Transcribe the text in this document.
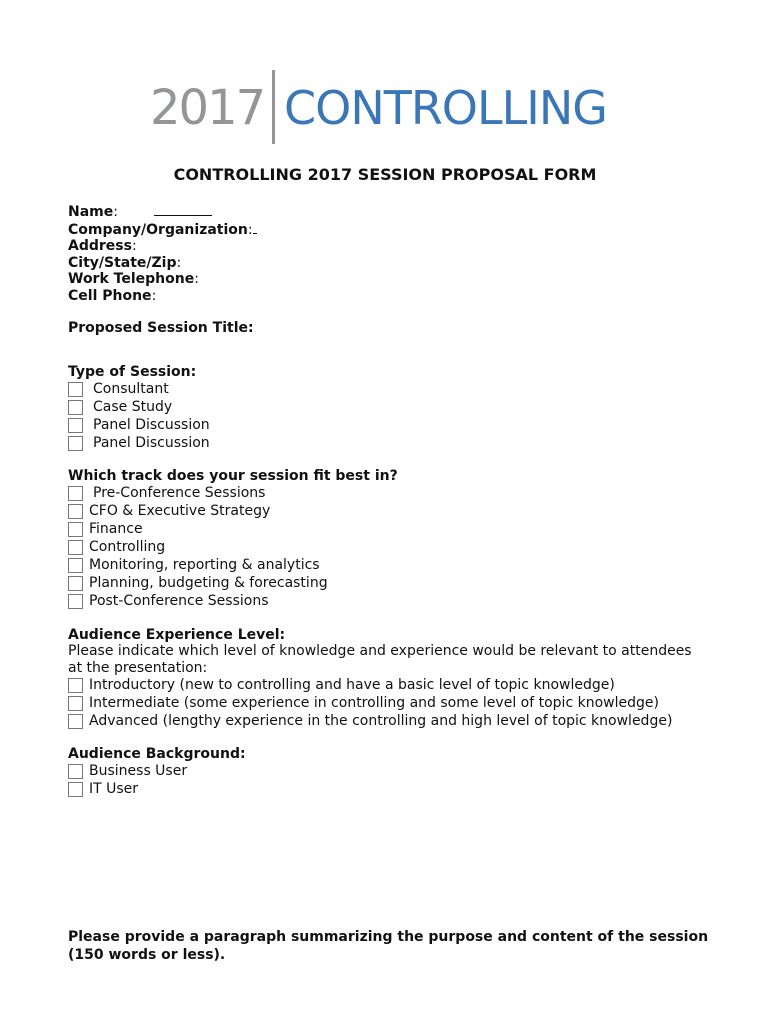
2017 CONTROLLING
CONTROLLING 2017 SESSION PROPOSAL FORM
Name:
Company/Organization:
Address:
City/State/Zip:
Work Telephone:
Cell Phone:
Proposed Session Title:
Type of Session:
Consultant
Case Study
Panel Discussion
Panel Discussion
Which track does your session fit best in?
Pre-Conference Sessions
CFO & Executive Strategy
Finance
Controlling
Monitoring, reporting & analytics
Planning, budgeting & forecasting
Post-Conference Sessions
Audience Experience Level:
Please indicate which level of knowledge and experience would be relevant to attendees at the presentation:
Introductory (new to controlling and have a basic level of topic knowledge)
Intermediate (some experience in controlling and some level of topic knowledge)
Advanced (lengthy experience in the controlling and high level of topic knowledge)
Audience Background:
Business User
IT User
Please provide a paragraph summarizing the purpose and content of the session (150 words or less).
